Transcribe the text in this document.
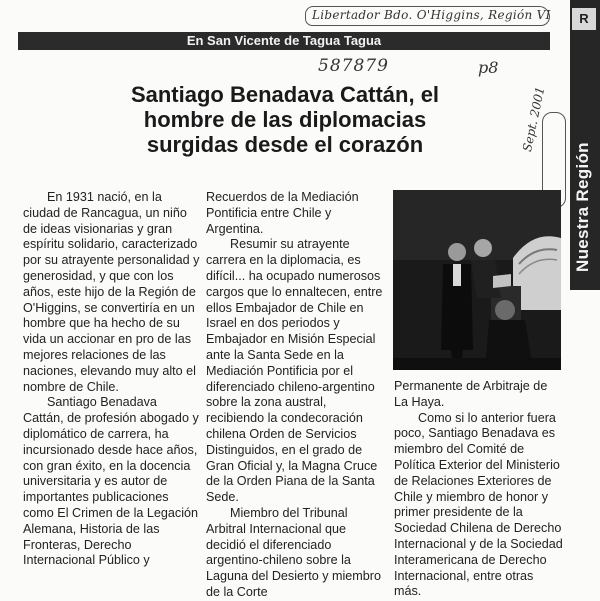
Libertador Bdo. O'Higgins, Región VI
587879	p8
Sept. 2001
R
Nuestra Región
En San Vicente de Tagua Tagua
Santiago Benadava Cattán, el hombre de las diplomacias surgidas desde el corazón

En 1931 nació, en la ciudad de Rancagua, un niño de ideas visionarias y gran espíritu solidario, caracterizado por su atrayente personalidad y generosidad, y que con los años, este hijo de la Región de O'Higgins, se convertiría en un hombre que ha hecho de su vida un accionar en pro de las mejores relaciones de las naciones, elevando muy alto el nombre de Chile.

Santiago Benadava Cattán, de profesión abogado y diplomático de carrera, ha incursionado desde hace años, con gran éxito, en la docencia universitaria y es autor de importantes publicaciones como El Crimen de la Legación Alemana, Historia de las Fronteras, Derecho Internacional Público y

Recuerdos de la Mediación Pontificia entre Chile y Argentina.

Resumir su atrayente carrera en la diplomacia, es difícil... ha ocupado numerosos cargos que lo ennaltecen, entre ellos Embajador de Chile en Israel en dos periodos y Embajador en Misión Especial ante la Santa Sede en la Mediación Pontificia por el diferenciado chileno-argentino sobre la zona austral, recibiendo la condecoración chilena Orden de Servicios Distinguidos, en el grado de Gran Oficial y, la Magna Cruce de la Orden Piana de la Santa Sede.

Miembro del Tribunal Arbitral Internacional que decidió el diferenciado argentino-chileno sobre la Laguna del Desierto y miembro de la Corte

Permanente de Arbitraje de La Haya.

Como si lo anterior fuera poco, Santiago Benadava es miembro del Comité de Política Exterior del Ministerio de Relaciones Exteriores de Chile y miembro de honor y primer presidente de la Sociedad Chilena de Derecho Internacional y de la Sociedad Interamericana de Derecho Internacional, entre otras más.
